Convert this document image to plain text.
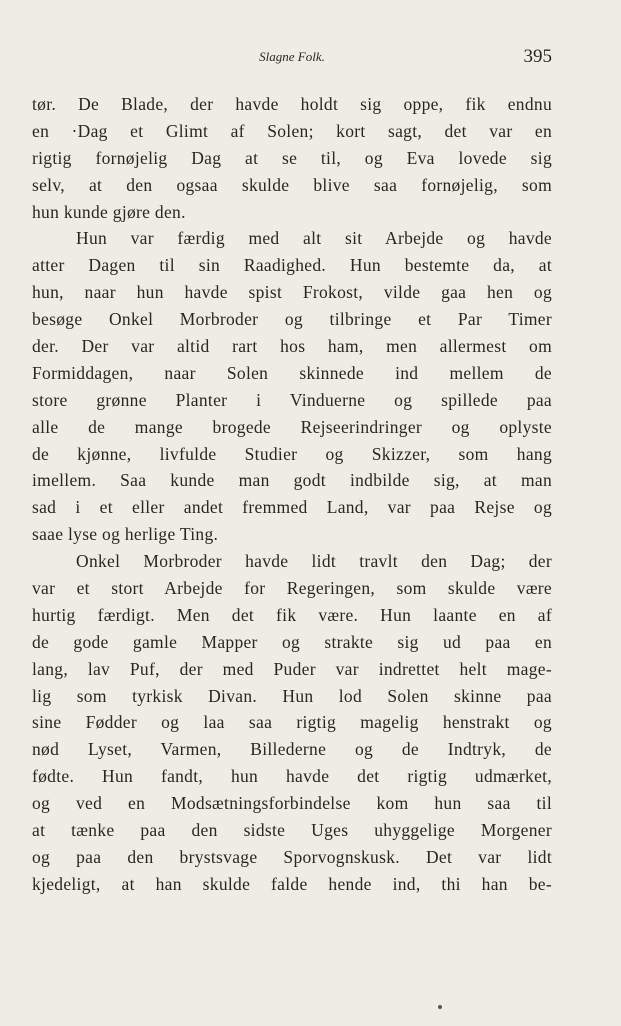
Slagne Folk.	395
tør. De Blade, der havde holdt sig oppe, fik endnu
en ·Dag et Glimt af Solen; kort sagt, det var en
rigtig fornøjelig Dag at se til, og Eva lovede sig
selv, at den ogsaa skulde blive saa fornøjelig, som
hun kunde gjøre den.
Hun var færdig med alt sit Arbejde og havde
atter Dagen til sin Raadighed. Hun bestemte da, at
hun, naar hun havde spist Frokost, vilde gaa hen og
besøge Onkel Morbroder og tilbringe et Par Timer
der. Der var altid rart hos ham, men allermest om
Formiddagen, naar Solen skinnede ind mellem de
store grønne Planter i Vinduerne og spillede paa
alle de mange brogede Rejseerindringer og oplyste
de kjønne, livfulde Studier og Skizzer, som hang
imellem. Saa kunde man godt indbilde sig, at man
sad i et eller andet fremmed Land, var paa Rejse og
saae lyse og herlige Ting.
Onkel Morbroder havde lidt travlt den Dag; der
var et stort Arbejde for Regeringen, som skulde være
hurtig færdigt. Men det fik være. Hun laante en af
de gode gamle Mapper og strakte sig ud paa en
lang, lav Puf, der med Puder var indrettet helt mage-
lig som tyrkisk Divan. Hun lod Solen skinne paa
sine Fødder og laa saa rigtig magelig henstrakt og
nød Lyset, Varmen, Billederne og de Indtryk, de
fødte. Hun fandt, hun havde det rigtig udmærket,
og ved en Modsætningsforbindelse kom hun saa til
at tænke paa den sidste Uges uhyggelige Morgener
og paa den brystsvage Sporvognskusk. Det var lidt
kjedeligt, at han skulde falde hende ind, thi han be-
